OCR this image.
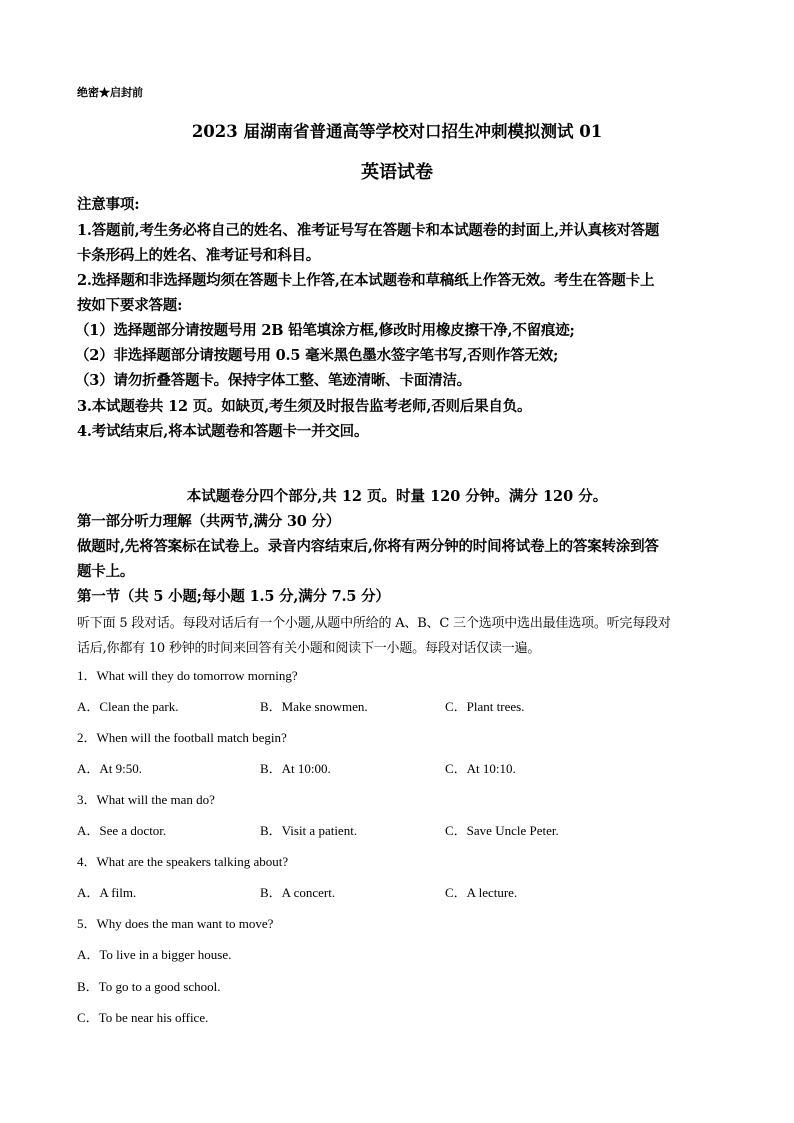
绝密★启封前
2023 届湖南省普通高等学校对口招生冲刺模拟测试 01
英语试卷
注意事项:
1.答题前,考生务必将自己的姓名、准考证号写在答题卡和本试题卷的封面上,并认真核对答题
卡条形码上的姓名、准考证号和科目。
2.选择题和非选择题均须在答题卡上作答,在本试题卷和草稿纸上作答无效。考生在答题卡上
按如下要求答题:
（1）选择题部分请按题号用 2B 铅笔填涂方框,修改时用橡皮擦干净,不留痕迹;
（2）非选择题部分请按题号用 0.5 毫米黑色墨水签字笔书写,否则作答无效;
（3）请勿折叠答题卡。保持字体工整、笔迹清晰、卡面清洁。
3.本试题卷共 12 页。如缺页,考生须及时报告监考老师,否则后果自负。
4.考试结束后,将本试题卷和答题卡一并交回。
本试题卷分四个部分,共 12 页。时量 120 分钟。满分 120 分。
第一部分听力理解（共两节,满分 30 分）
做题时,先将答案标在试卷上。录音内容结束后,你将有两分钟的时间将试卷上的答案转涂到答
题卡上。
第一节（共 5 小题;每小题 1.5 分,满分 7.5 分）
听下面 5 段对话。每段对话后有一个小题,从题中所给的 A、B、C 三个选项中选出最佳选项。听完每段对
话后,你都有 10 秒钟的时间来回答有关小题和阅读下一小题。每段对话仅读一遍。
1．What will they do tomorrow morning?
A．Clean the park.	B．Make snowmen.	C．Plant trees.
2．When will the football match begin?
A．At 9:50.	B．At 10:00.	C．At 10:10.
3．What will the man do?
A．See a doctor.	B．Visit a patient.	C．Save Uncle Peter.
4．What are the speakers talking about?
A．A film.	B．A concert.	C．A lecture.
5．Why does the man want to move?
A．To live in a bigger house.
B．To go to a good school.
C．To be near his office.
